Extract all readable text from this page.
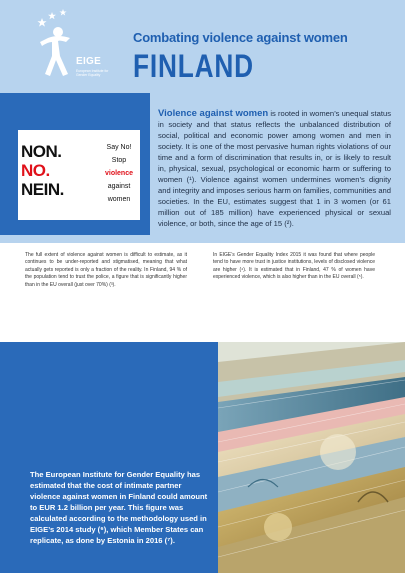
EIGE
European Institute for Gender Equality
Combating violence against women
FINLAND
NON.
NO.
NEIN.
Say No!
Stop
violence
against
women
Violence against women is rooted in women’s unequal status in society and that status reflects the unbalanced distribution of social, political and economic power among women and men in society. It is one of the most pervasive human rights violations of our time and a form of discrimination that results in, or is likely to result in, physical, sexual, psychological or economic harm or suffering to women (¹). Violence against women undermines women’s dignity and integrity and imposes serious harm on families, communities and societies. In the EU, estimates suggest that 1 in 3 women (or 61 million out of 185 million) have experienced physical or sexual violence, or both, since the age of 15 (²).
The full extent of violence against women is difficult to estimate, as it continues to be under-reported and stigmatised, meaning that what actually gets reported is only a fraction of the reality. In Finland, 94 % of the population tend to trust the police, a figure that is significantly higher than in the EU overall (just over 70%) (³).
In EIGE’s Gender Equality Index 2015 it was found that where people tend to have more trust in justice institutions, levels of disclosed violence are higher (⁴). It is estimated that in Finland, 47 % of women have experienced violence, which is also higher than in the EU overall (⁵).
The European Institute for Gender Equality has estimated that the cost of intimate partner violence against women in Finland could amount to EUR 1.2 billion per year. This figure was calculated according to the methodology used in EIGE’s 2014 study (⁶), which Member States can replicate, as done by Estonia in 2016 (⁷).
